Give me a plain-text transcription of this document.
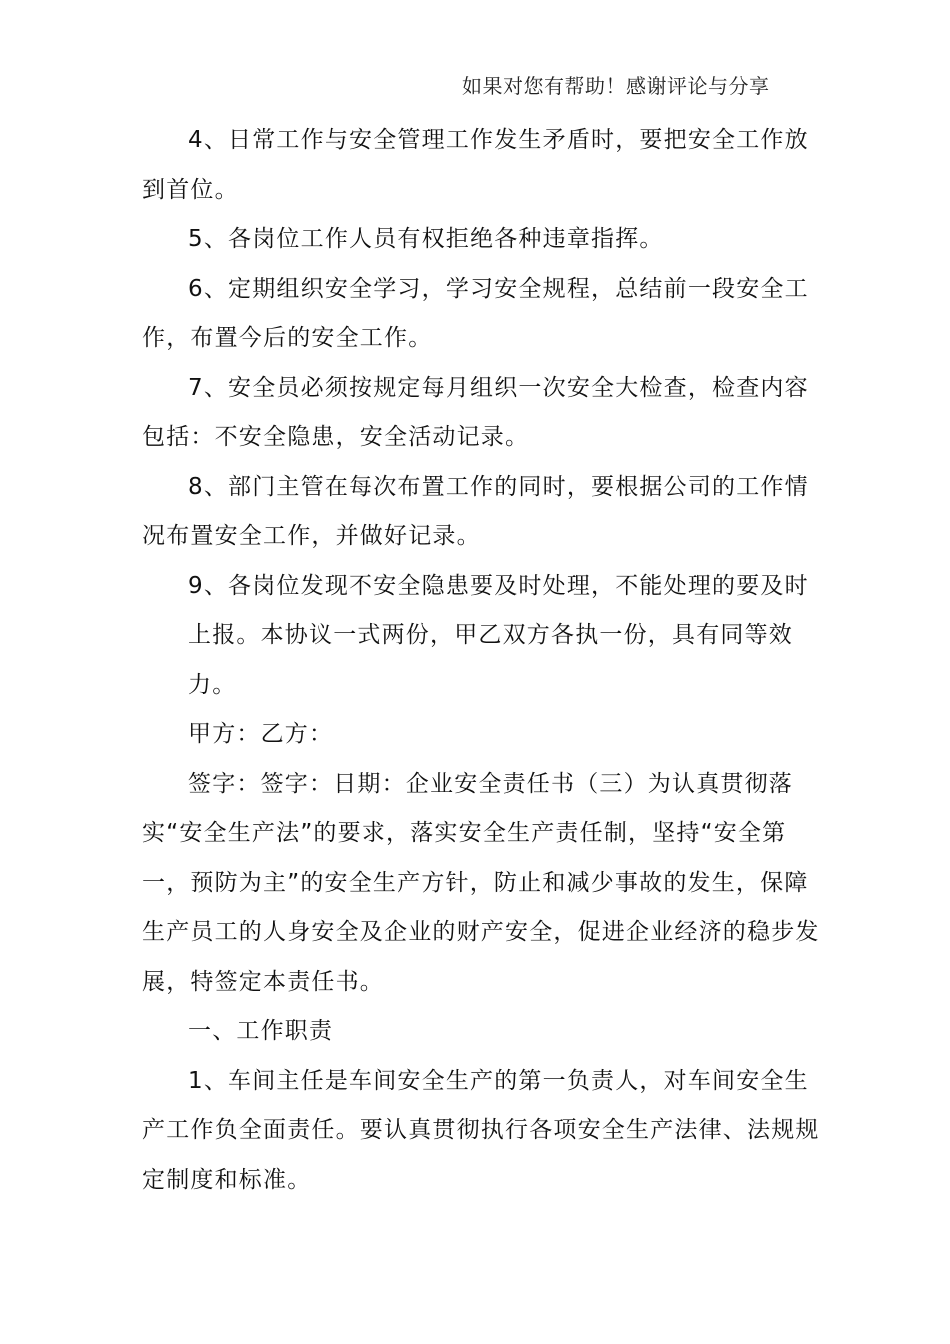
如果对您有帮助！感谢评论与分享

4、日常工作与安全管理工作发生矛盾时，要把安全工作放到首位。

5、各岗位工作人员有权拒绝各种违章指挥。

6、定期组织安全学习，学习安全规程，总结前一段安全工作，布置今后的安全工作。

7、安全员必须按规定每月组织一次安全大检查，检查内容包括：不安全隐患，安全活动记录。

8、部门主管在每次布置工作的同时，要根据公司的工作情况布置安全工作，并做好记录。

9、各岗位发现不安全隐患要及时处理，不能处理的要及时上报。本协议一式两份，甲乙双方各执一份，具有同等效力。

甲方：乙方：

签字：签字：日期：企业安全责任书（三）为认真贯彻落实“安全生产法”的要求，落实安全生产责任制，坚持“安全第一，预防为主”的安全生产方针，防止和减少事故的发生，保障生产员工的人身安全及企业的财产安全，促进企业经济的稳步发展，特签定本责任书。

一、工作职责

1、车间主任是车间安全生产的第一负责人，对车间安全生产工作负全面责任。要认真贯彻执行各项安全生产法律、法规规定制度和标准。
